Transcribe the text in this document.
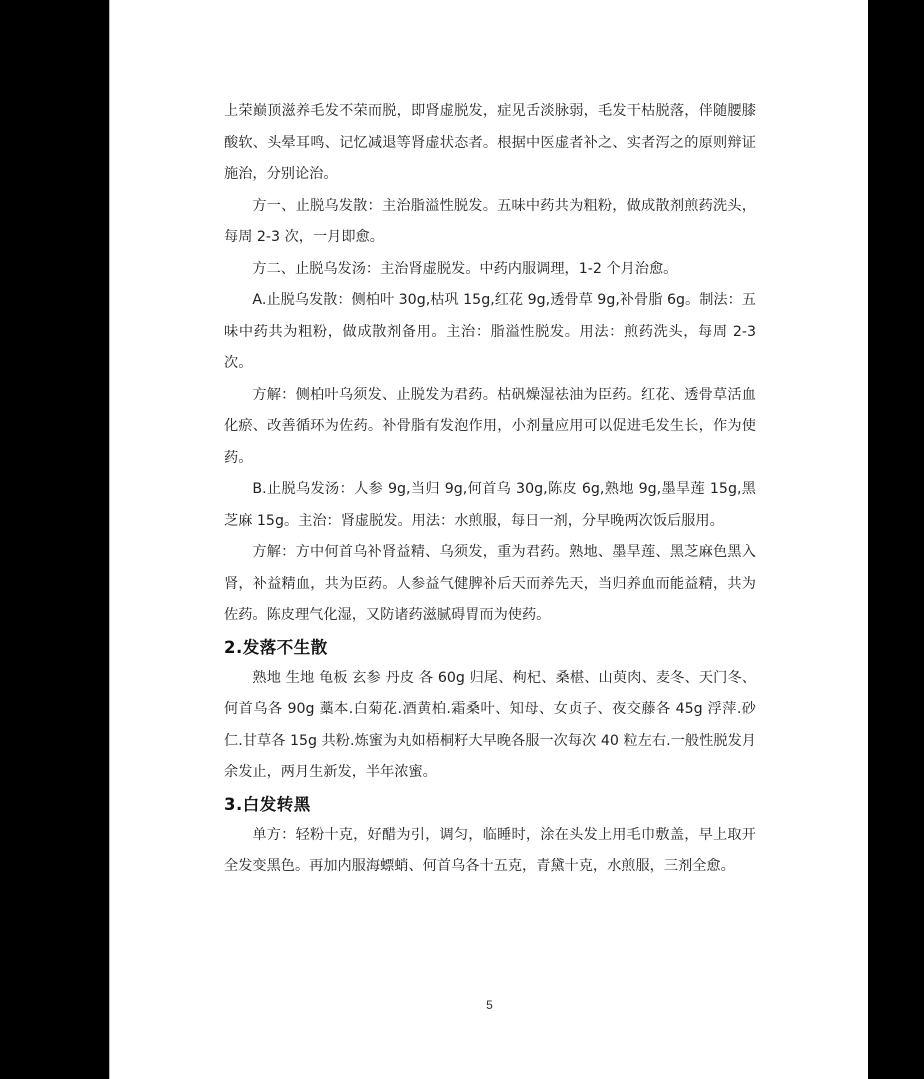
上荣巅顶滋养毛发不荣而脱，即肾虚脱发，症见舌淡脉弱，毛发干枯脱落，伴随腰膝酸软、头晕耳鸣、记忆减退等肾虚状态者。根据中医虚者补之、实者泻之的原则辩证施治，分别论治。

方一、止脱乌发散：主治脂溢性脱发。五味中药共为粗粉，做成散剂煎药洗头，每周 2-3 次，一月即愈。

方二、止脱乌发汤：主治肾虚脱发。中药内服调理，1-2 个月治愈。

A.止脱乌发散：侧柏叶 30g,枯巩 15g,红花 9g,透骨草 9g,补骨脂 6g。制法：五味中药共为粗粉，做成散剂备用。主治：脂溢性脱发。用法：煎药洗头，每周 2-3 次。

方解：侧柏叶乌须发、止脱发为君药。枯矾燥湿祛油为臣药。红花、透骨草活血化瘀、改善循环为佐药。补骨脂有发泡作用，小剂量应用可以促进毛发生长，作为使药。

B.止脱乌发汤：人参 9g,当归 9g,何首乌 30g,陈皮 6g,熟地 9g,墨旱莲 15g,黑芝麻 15g。主治：肾虚脱发。用法：水煎服，每日一剂，分早晚两次饭后服用。

方解：方中何首乌补肾益精、乌须发，重为君药。熟地、墨旱莲、黑芝麻色黑入肾，补益精血，共为臣药。人参益气健脾补后天而养先天，当归养血而能益精，共为佐药。陈皮理气化湿，又防诸药滋腻碍胃而为使药。

2.发落不生散

熟地 生地 龟板 玄参 丹皮 各 60g 归尾、枸杞、桑椹、山萸肉、麦冬、天门冬、何首乌各 90g 藁本.白菊花.酒黄柏.霜桑叶、知母、女贞子、夜交藤各 45g 浮萍.砂仁.甘草各 15g 共粉.炼蜜为丸如梧桐籽大早晚各服一次每次 40 粒左右.一般性脱发月余发止，两月生新发，半年浓蜜。

3.白发转黑

单方：轻粉十克，好醋为引，调匀，临睡时，涂在头发上用毛巾敷盖，早上取开全发变黑色。再加内服海螵蛸、何首乌各十五克，青黛十克，水煎服，三剂全愈。

5
